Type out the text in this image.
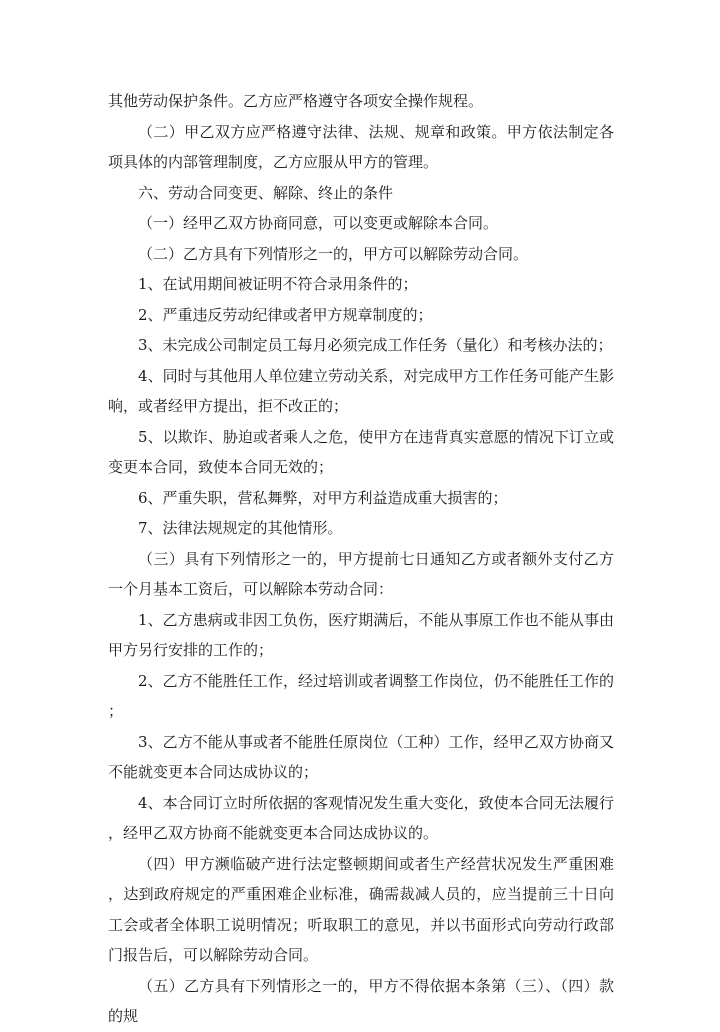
其他劳动保护条件。乙方应严格遵守各项安全操作规程。

（二）甲乙双方应严格遵守法律、法规、规章和政策。甲方依法制定各项具体的内部管理制度，乙方应服从甲方的管理。

六、劳动合同变更、解除、终止的条件

（一）经甲乙双方协商同意，可以变更或解除本合同。

（二）乙方具有下列情形之一的，甲方可以解除劳动合同。

1、在试用期间被证明不符合录用条件的；

2、严重违反劳动纪律或者甲方规章制度的；

3、未完成公司制定员工每月必须完成工作任务（量化）和考核办法的；

4、同时与其他用人单位建立劳动关系，对完成甲方工作任务可能产生影响，或者经甲方提出，拒不改正的；

5、以欺诈、胁迫或者乘人之危，使甲方在违背真实意愿的情况下订立或变更本合同，致使本合同无效的；

6、严重失职，营私舞弊，对甲方利益造成重大损害的；

7、法律法规规定的其他情形。

（三）具有下列情形之一的，甲方提前七日通知乙方或者额外支付乙方一个月基本工资后，可以解除本劳动合同：

1、乙方患病或非因工负伤，医疗期满后，不能从事原工作也不能从事由甲方另行安排的工作的；

2、乙方不能胜任工作，经过培训或者调整工作岗位，仍不能胜任工作的；

3、乙方不能从事或者不能胜任原岗位（工种）工作，经甲乙双方协商又不能就变更本合同达成协议的；

4、本合同订立时所依据的客观情况发生重大变化，致使本合同无法履行，经甲乙双方协商不能就变更本合同达成协议的。

（四）甲方濒临破产进行法定整顿期间或者生产经营状况发生严重困难，达到政府规定的严重困难企业标准，确需裁减人员的，应当提前三十日向工会或者全体职工说明情况；听取职工的意见，并以书面形式向劳动行政部门报告后，可以解除劳动合同。

（五）乙方具有下列情形之一的，甲方不得依据本条第（三）、（四）款的规
